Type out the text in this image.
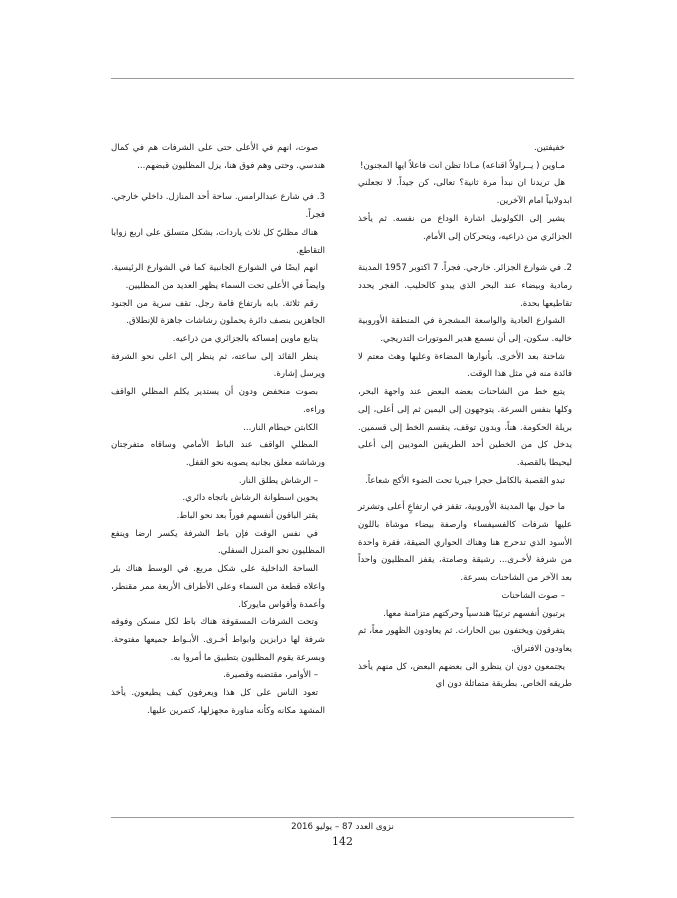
خفيفتين.

مـاوين ( يــراولاً اقناعه) مـاذا تظن انت فاعلاً ايها المجنون!

هل تريدنا ان نبدأ مرة ثانية؟ تعالى، كن جيداً. لا تجعلني ابدولابياً امام الآخرين.

يشير إلى الكولونيل اشارة الوداع من نفسه. ثم يأخذ الجزائري من ذراعيه، ويتحركان إلى الأمام.

2. في شوارع الجزائر. خارجي. فجراً. 7 اكتوبر 1957 المدينة رمادية وبيضاء عند البحر الذي يبدو كالحليب. الفجر يحدد تقاطيعها بحدة.

الشوارع العادية والواسعة المشجرة في المنطقة الأوروبية خاليه. سكون، إلى أن نسمع هدير الموتورات التدريجي.

شاحنة بعد الأخرى. بأنوارها المضاءة وعليها وهث معتم لا فائدة منه في مثل هذا الوقت.

يتبع خط من الشاحنات بعضه البعض عند واجهة البحر، وكلها بنفس السرعة. يتوجهون إلى اليمين ثم إلى أعلى، إلى بريلة الحكومة. هناً، وبدون توقف، ينقسم الخط إلى قسمين. يدخل كل من الخطين أحد الطريقين الموديين إلى أعلى ليحيطا بالقصبة.

تبدو القصبة بالكامل حجرا جيريا تحت الضوء الأكج شعاعاً.

ما حول بها المدينة الأوروبية، تقفز في ارتفاعٍ أعلى وتشرتر عليها شرفات كالفسيفساء وارصفة بيضاء موشاة باللون الأسود الذي تدحرج هنا وهناك الحواري الضيقة، فقرة واحدة من شرفة لأخـرى... رشيقة وصامتة، يقفز المظليون واحداً بعد الآخر من الشاحنات بسرعة.

– صوت الشاحنات

يرتبون أنفسهم ترتيبًا هندسياً وحركتهم متزامنة معها.

يتفرقون ويختفون بين الحارات. ثم يعاودون الظهور معاً، ثم يعاودون الافتراق.

يجتمعون دون ان ينظرو الى بعضهم البعض، كل منهم يأخذ طريقه الخاص. بطريقة متماثلة دون اي

صوت، انهم في الأعلى حتى على الشرفات هم في كمال هندسي. وحتى وهم فوق هنا، يزل المظليون قبضهم...

3. في شارع عبدالرامس. ساحة أحد المنازل. داخلي خارجي. فجراً.

هناك مظليّ كل ثلاث ياردات، بشكل متسلق على اربع زوايا التقاطع.

انهم ايضًا في الشوارع الجانبية كما في الشوارع الرئيسية. وايضاً في الأعلى تحت السماء يظهر العديد من المظليين.

رقم ثلاثة. بابه بارتفاع قامة رجل. تقف سرية من الجنود الجاهزين بنصف دائرة يحملون رشاشات جاهزة للإنطلاق.

يتابع ماوين إمساكه بالجزائري من ذراعيه.

ينظر القائد إلى ساعته، ثم ينظر إلى اعلى نحو الشرفة ويرسل إشارة.

بصوت منخفض ودون أن يستدير يكلم المظلي الواقف وراءه.

الكابتن حيطام النار...

المظلي الواقف عند الباط الأمامي وساقاه متفرجتان ورشاشه معلق بجانبه يصوبه نحو القفل.

– الرشاش يطلق النار.

يحوين اسطوانة الرشاش باتجاه دائري.

يقتر الباقون أنفسهم فوراً بعد نحو الباط.

في نفس الوقت فإن باط الشرفة يكسر ارضا وينفع المظليون نحو المنزل السفلي.

الساحة الداخلية على شكل مربع. في الوسط هناك بئر واعلاه قطعة من السماء وعلى الأطراف الأربعة ممر مقنطر، وأعمدة وأقواس مايوركا.

وتحت الشرفات المسقوفة هناك باط لكل مسكن وفوقه شرفة لها درابزين وابواط أخـرى. الأبـواط جميعها مفتوحة. وبسرعة يقوم المظليون بتطبيق ما أمروا به.

– الأوامر، مقتضبه وقصيرة.

تعود الناس على كل هذا ويعرفون كيف يطيعون. يأخذ المشهد مكانه وكأنه مناورة مجهزلها، كتمرين عليها.

نزوى العدد 87 – يوليو 2016
142
